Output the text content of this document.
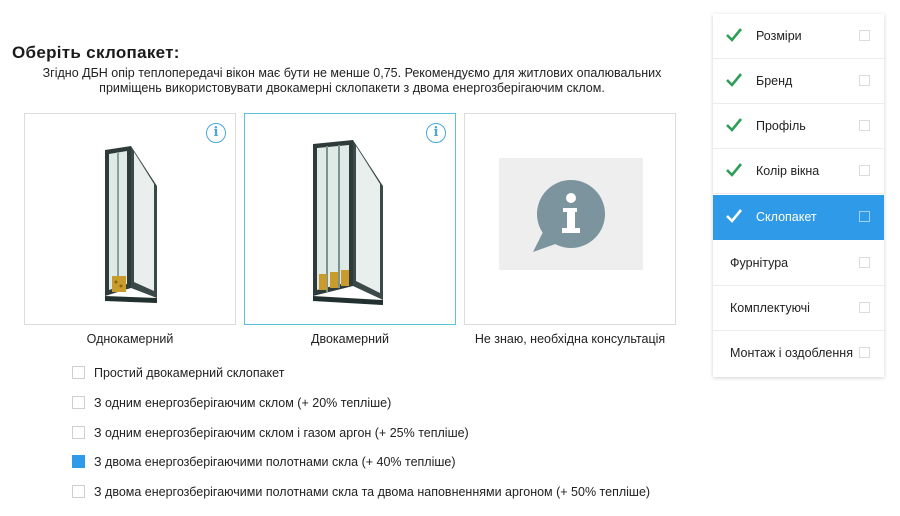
Оберіть склопакет:
Згідно ДБН опір теплопередачі вікон має бути не менше 0,75. Рекомендуємо для житлових опалювальних приміщень використовувати двокамерні склопакети з двома енергозберігаючим склом.
i
Однокамерний
i
Двокамерний	Не знаю, необхідна консультація
Простий двокамерний склопакет
З одним енергозберігаючим склом (+ 20% тепліше)
З одним енергозберігаючим склом і газом аргон (+ 25% тепліше)
З двома енергозберігаючими полотнами скла (+ 40% тепліше)
З двома енергозберігаючими полотнами скла та двома наповненнями аргоном (+ 50% тепліше)
Розміри
Бренд
Профіль
Колір вікна
Склопакет
Фурнітура
Комплектуючі
Монтаж і оздоблення
